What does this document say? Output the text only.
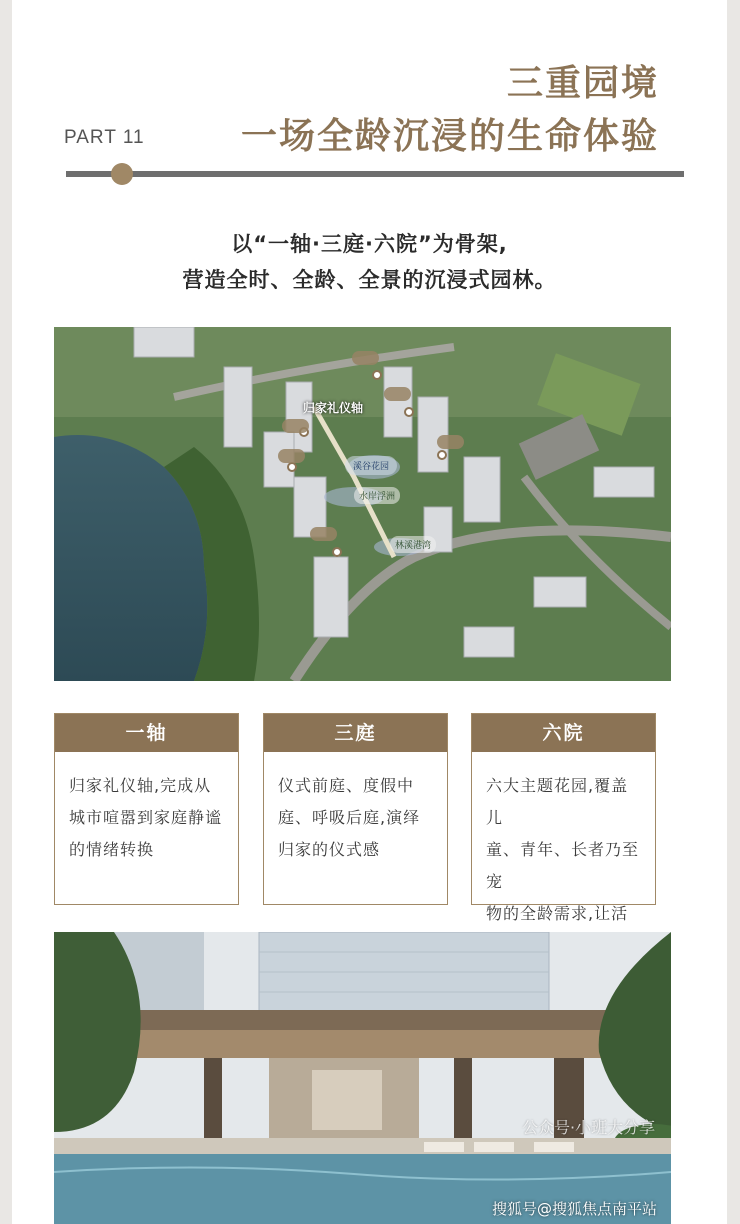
三重园境
一场全龄沉浸的生命体验
PART 11
以“一轴·三庭·六院”为骨架,
营造全时、全龄、全景的沉浸式园林。

归家礼仪轴
溪谷花园
水岸浮洲
林溪港湾
一轴
归家礼仪轴,完成从
城市喧嚣到家庭静谧
的情绪转换
三庭
仪式前庭、度假中
庭、呼吸后庭,演绎
归家的仪式感
六院
六大主题花园,覆盖儿
童、青年、长者乃至宠
物的全龄需求,让活
公众号·小班大分享
搜狐号@搜狐焦点南平站
